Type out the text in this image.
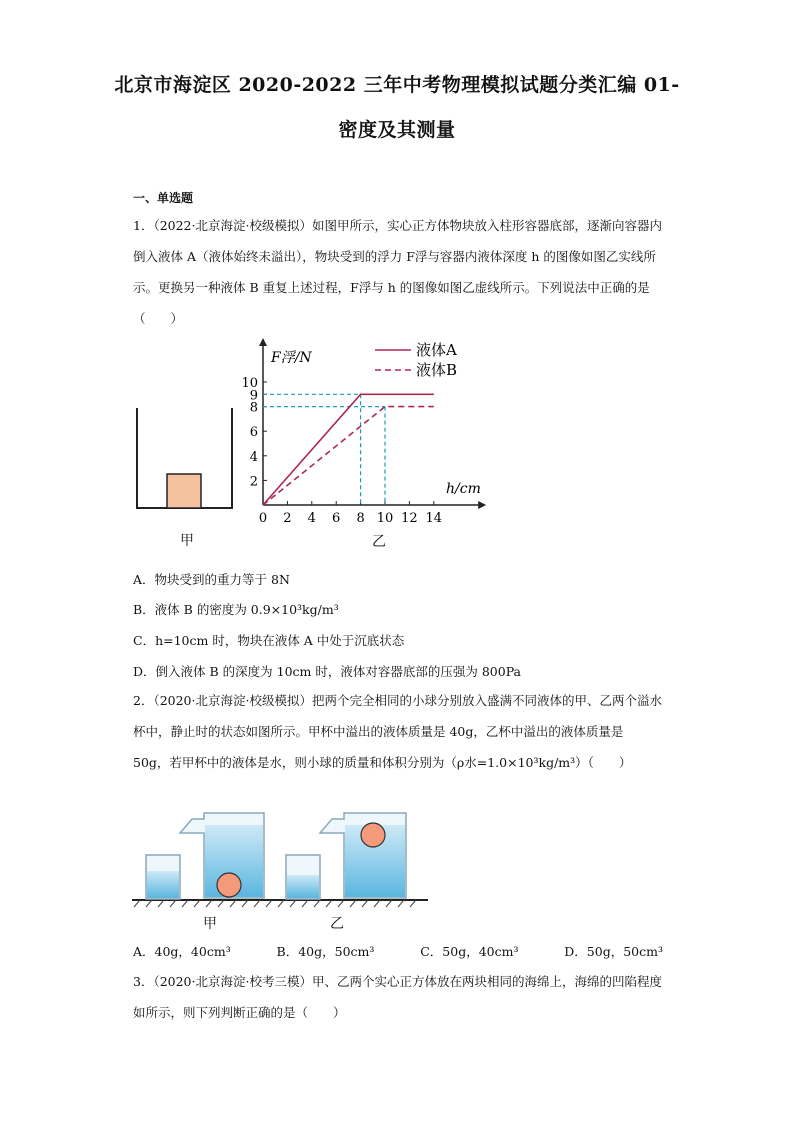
北京市海淀区 2020-2022 三年中考物理模拟试题分类汇编 01-
密度及其测量
一、单选题
1．（2022·北京海淀·校级模拟）如图甲所示，实心正方体物块放入柱形容器底部，逐渐向容器内倒入液体 A（液体始终未溢出），物块受到的浮力 F浮与容器内液体深度 h 的图像如图乙实线所示。更换另一种液体 B 重复上述过程，F浮与 h 的图像如图乙虚线所示。下列说法中正确的是（　　）
甲
0 2 4 6 8 10 12 14
2
4
6
8
9
10
液体A
液体B
F浮/N
h/cm
乙
A．物块受到的重力等于 8N
B．液体 B 的密度为 0.9×10³kg/m³
C．h=10cm 时，物块在液体 A 中处于沉底状态
D．倒入液体 B 的深度为 10cm 时，液体对容器底部的压强为 800Pa
2．（2020·北京海淀·校级模拟）把两个完全相同的小球分别放入盛满不同液体的甲、乙两个溢水杯中，静止时的状态如图所示。甲杯中溢出的液体质量是 40g，乙杯中溢出的液体质量是 50g，若甲杯中的液体是水，则小球的质量和体积分别为（ρ水=1.0×10³kg/m³）（　　）
甲	乙
A．40g，40cm³	B．40g，50cm³	C．50g，40cm³	D．50g，50cm³
3．（2020·北京海淀·校考三模）甲、乙两个实心正方体放在两块相同的海绵上，海绵的凹陷程度如所示，则下列判断正确的是（　　）
